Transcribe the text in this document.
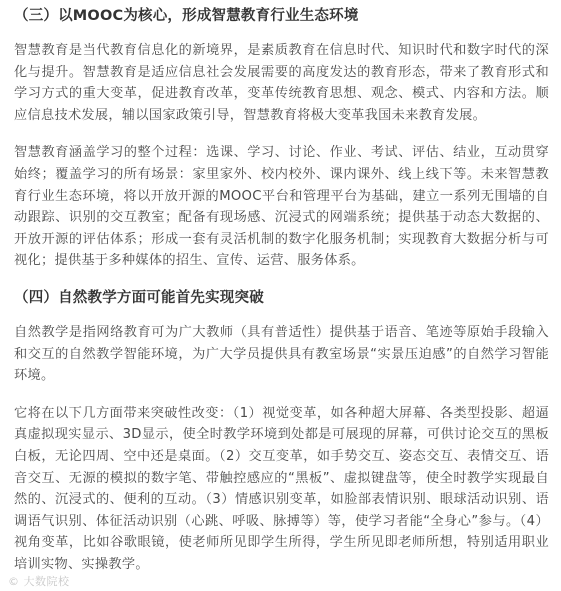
（三）以MOOC为核心，形成智慧教育行业生态环境

智慧教育是当代教育信息化的新境界，是素质教育在信息时代、知识时代和数字时代的深化与提升。智慧教育是适应信息社会发展需要的高度发达的教育形态，带来了教育形式和学习方式的重大变革，促进教育改革，变革传统教育思想、观念、模式、内容和方法。顺应信息技术发展，辅以国家政策引导，智慧教育将极大变革我国未来教育发展。

智慧教育涵盖学习的整个过程：选课、学习、讨论、作业、考试、评估、结业，互动贯穿始终；覆盖学习的所有场景：家里家外、校内校外、课内课外、线上线下等。未来智慧教育行业生态环境，将以开放开源的MOOC平台和管理平台为基础，建立一系列无围墙的自动跟踪、识别的交互教室；配备有现场感、沉浸式的网端系统；提供基于动态大数据的、开放开源的评估体系；形成一套有灵活机制的数字化服务机制；实现教育大数据分析与可视化；提供基于多种媒体的招生、宣传、运营、服务体系。

（四）自然教学方面可能首先实现突破

自然教学是指网络教育可为广大教师（具有普适性）提供基于语音、笔迹等原始手段输入和交互的自然教学智能环境，为广大学员提供具有教室场景“实景压迫感”的自然学习智能环境。

它将在以下几方面带来突破性改变：（1）视觉变革，如各种超大屏幕、各类型投影、超逼真虚拟现实显示、3D显示，使全时教学环境到处都是可展现的屏幕，可供讨论交互的黑板白板，无论四周、空中还是桌面。（2）交互变革，如手势交互、姿态交互、表情交互、语音交互、无源的模拟的数字笔、带触控感应的“黑板”、虚拟键盘等，使全时教学实现最自然的、沉浸式的、便利的互动。（3）情感识别变革，如脸部表情识别、眼球活动识别、语调语气识别、体征活动识别（心跳、呼吸、脉搏等）等，使学习者能“全身心”参与。（4）视角变革，比如谷歌眼镜，使老师所见即学生所得，学生所见即老师所想，特别适用职业培训实物、实操教学。

© 大数院校
